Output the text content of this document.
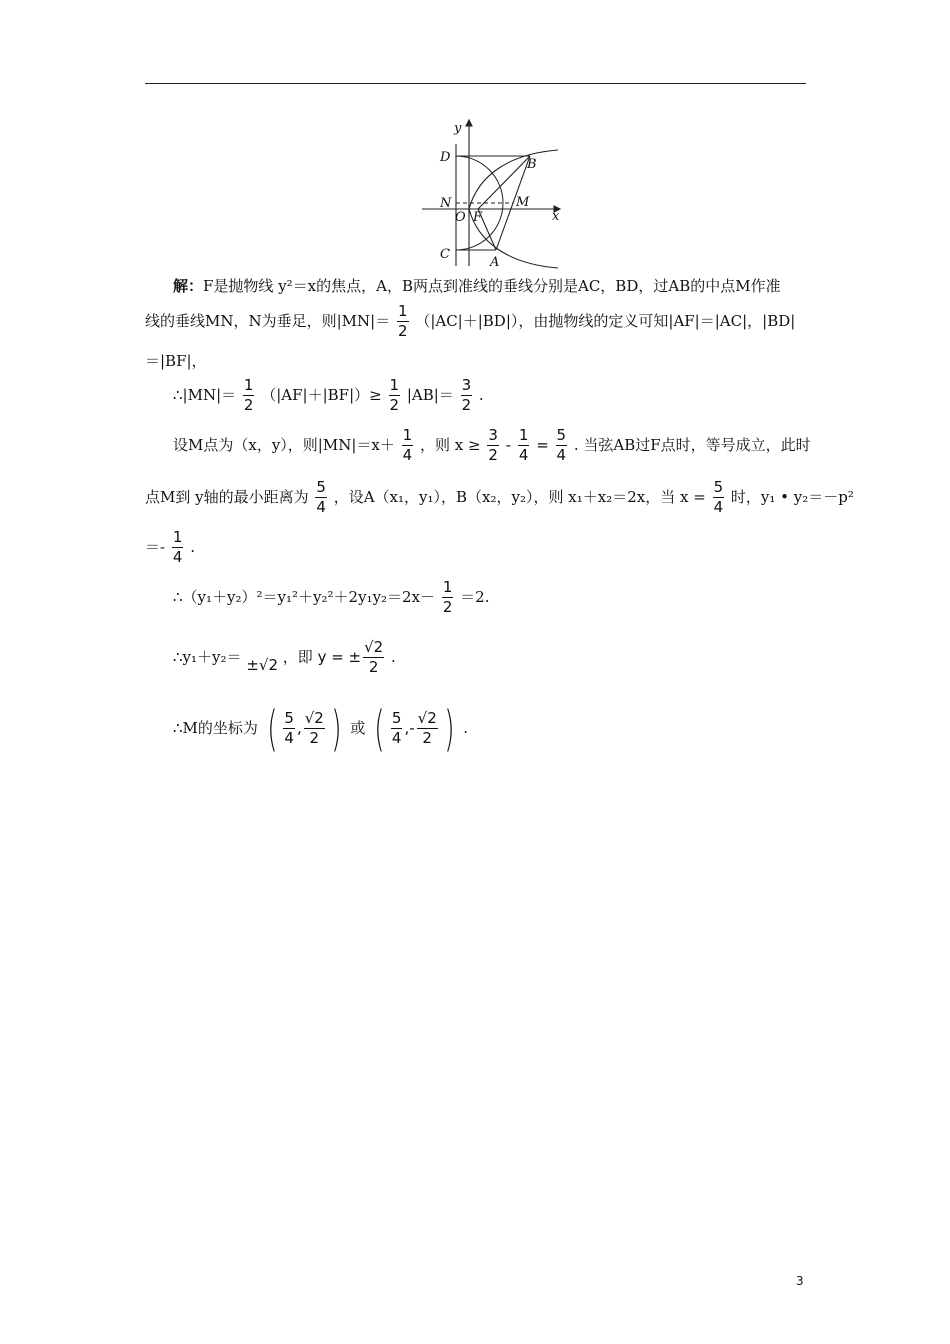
y
x
D	B
N	M
O F
C
A
解：F是抛物线 y²＝x的焦点，A，B两点到准线的垂线分别是AC，BD，过AB的中点M作准
线的垂线MN，N为垂足，则$|MN|= \frac{1}{2} (|AC|+|BD|)$，由抛物线的定义可知|AF|＝|AC|，|BD|
＝|BF|，
∴|MN|＝ $\frac{1}{2} (|AF|+|BF|)\ge \frac{1}{2} |AB|= \frac{3}{2}$ .
设M点为（x，y），则$|MN|=x+ \frac{1}{4}$ ，则 $x \ge \frac{3}{2} - \frac{1}{4} = \frac{5}{4}$ . 当弦AB过F点时，等号成立，此时
点M到 y轴的最小距离为 $\frac{5}{4}$ ，设A（x₁，y₁），B（x₂，y₂），则 x₁＋x₂＝2x，当 $x = \frac{5}{4}$ 时，y₁ • y₂＝－p²
＝- $\frac{1}{4}$ .
∴（y₁＋y₂）²＝y₁²＋y₂²＋2y₁y₂＝2x－ $\frac{1}{2} =2$.
∴y₁＋y₂＝ ±√2 ，即 y = ± $\frac{√2}{2}$ .
∴M的坐标为 ( $\frac{5}{4}$ , $\frac{√2}{2}$ ) 或 ( $\frac{5}{4}$ ,- $\frac{√2}{2}$ ) .
3
